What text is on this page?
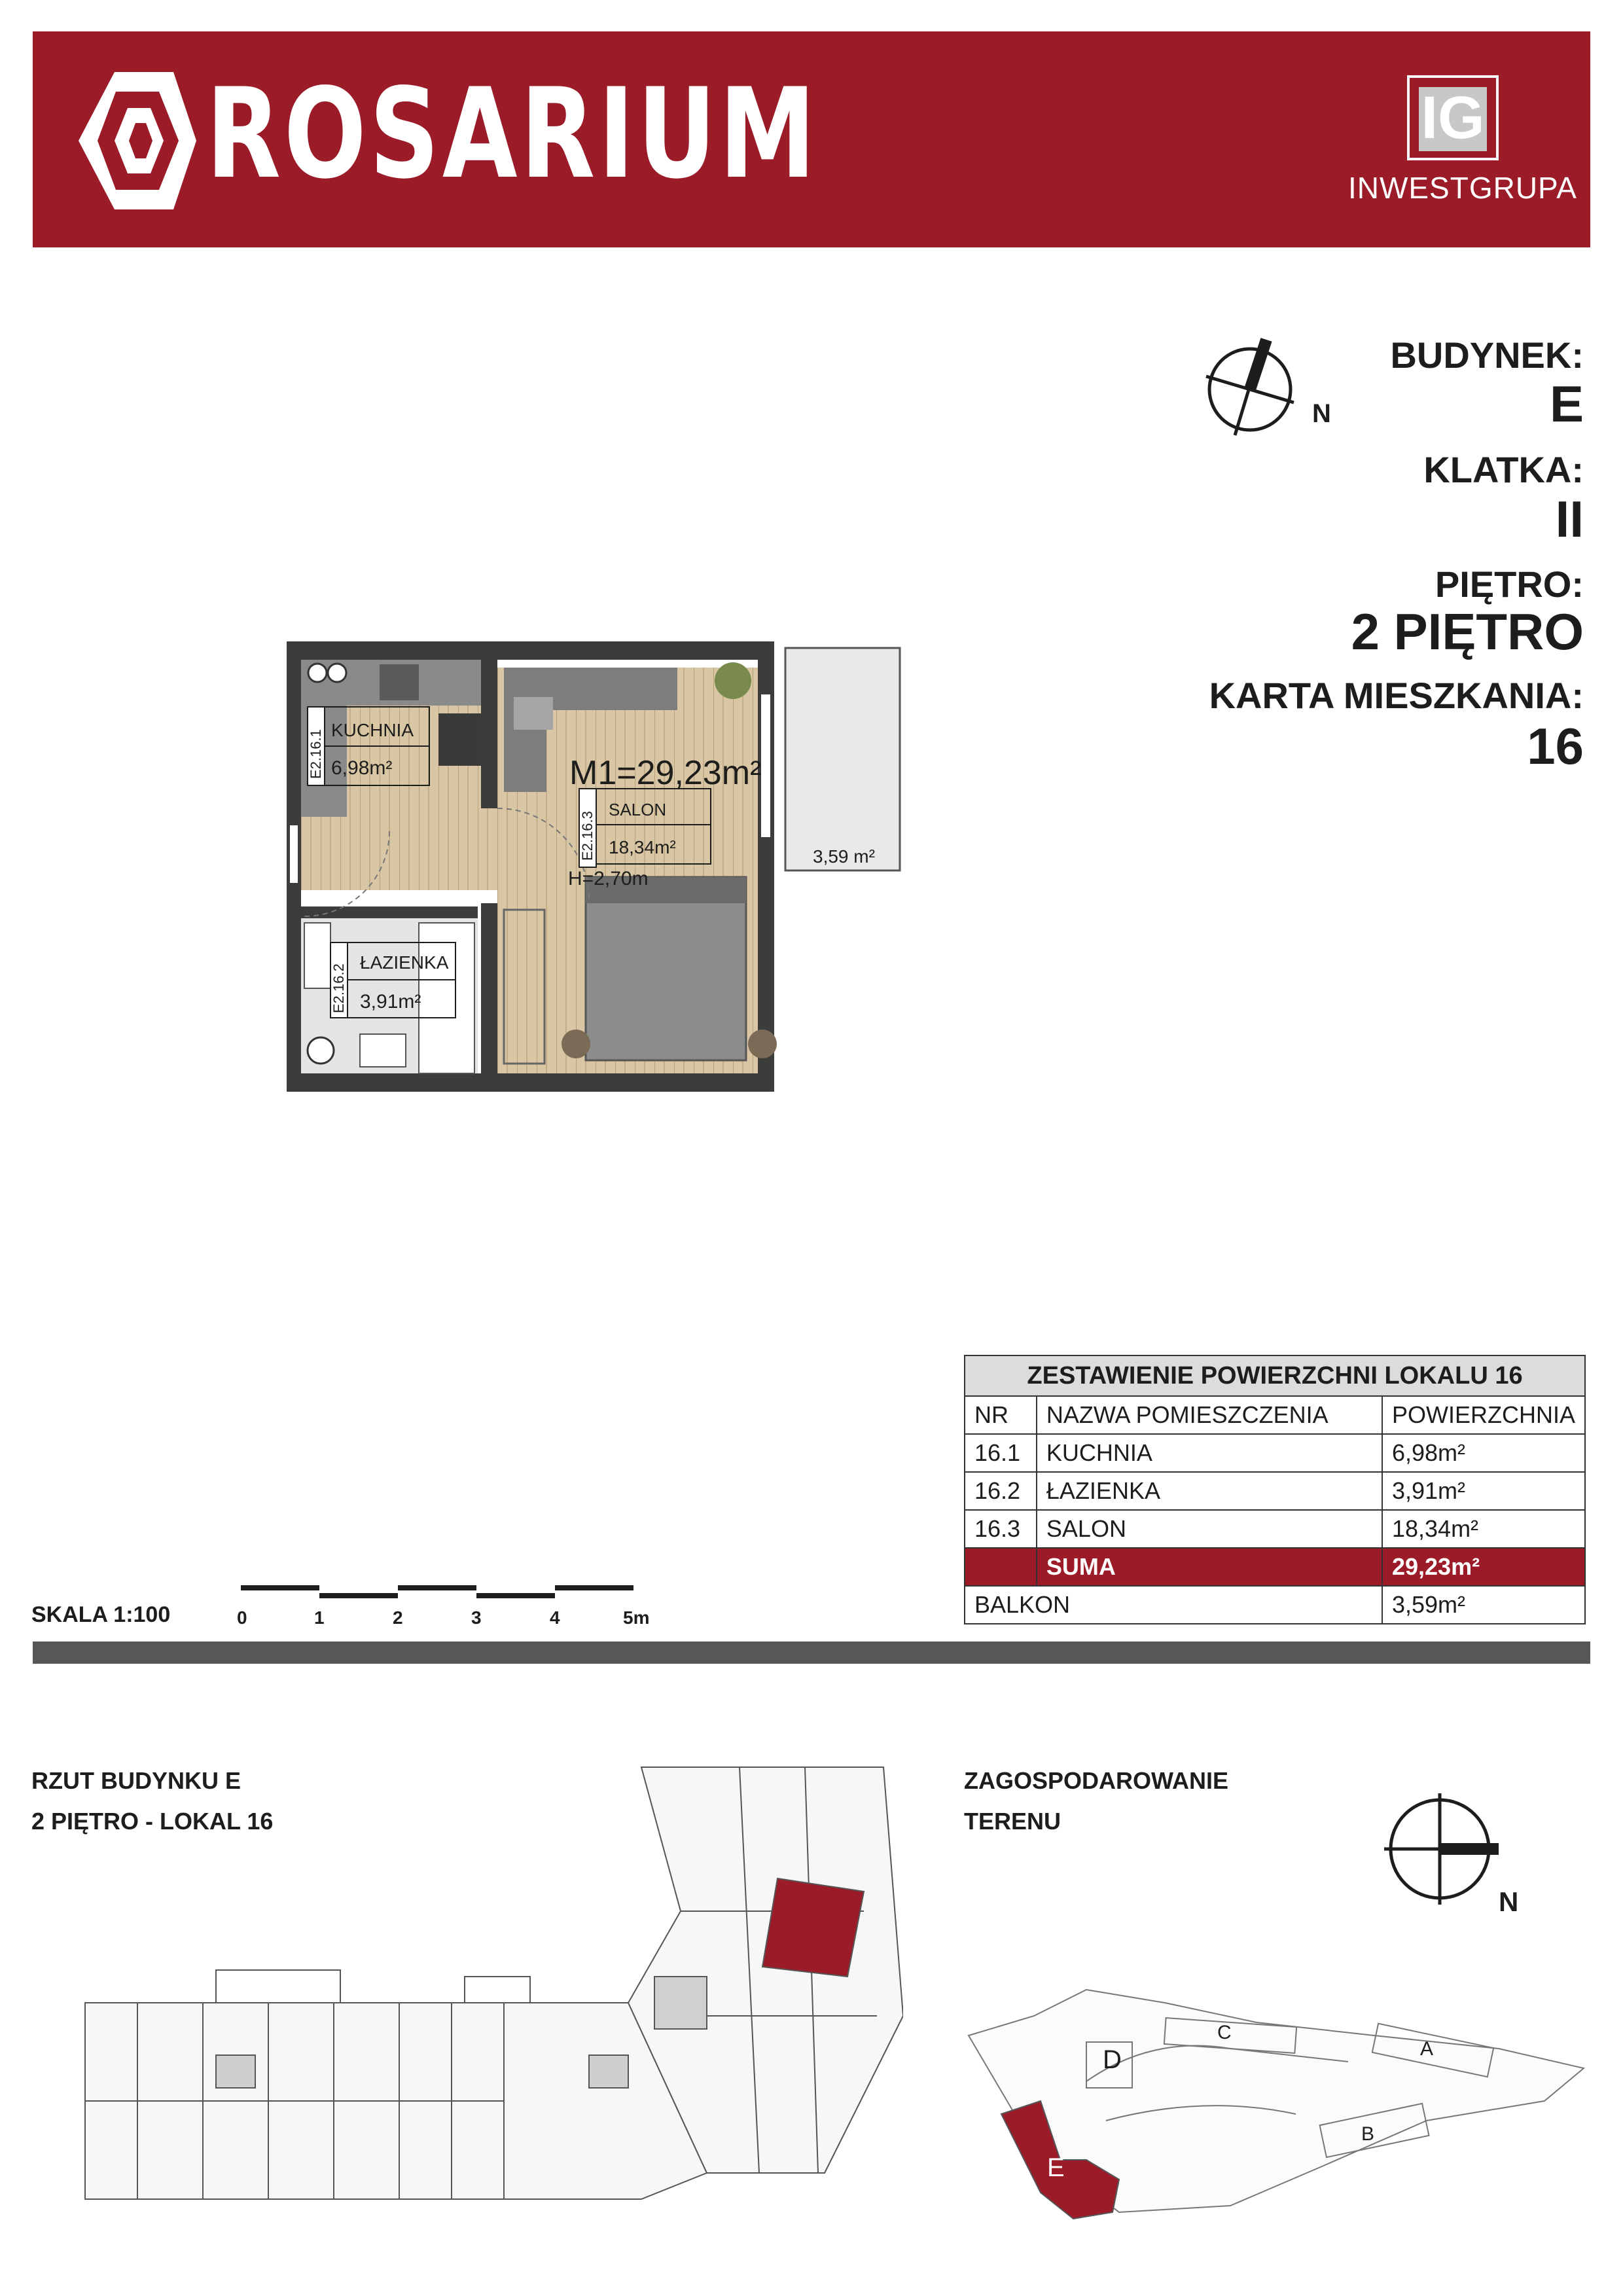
ROSARIUM	IG
INWESTGRUPA
N
BUDYNEK:
E
KLATKA:
II
PIĘTRO:
2 PIĘTRO
KARTA MIESZKANIA:
16
E2.16.1 KUCHNIA
6,98m²
E2.16.3
SALON
18,34m²
H=2,70m
M1=29,23m²
E2.16.2
ŁAZIENKA
3,91m²
3,59 m²
ZESTAWIENIE POWIERZCHNI LOKALU 16		
NR	NAZWA POMIESZCZENIA	POWIERZCHNIA
16.1	KUCHNIA	6,98m²
16.2	ŁAZIENKA	3,91m²
16.3	SALON	18,34m²
	SUMA	29,23m²
BALKON		3,59m²
SKALA 1:100	0	1	2	3	4	5m
RZUT BUDYNKU E
2 PIĘTRO - LOKAL 16
ZAGOSPODAROWANIE
TERENU
N
A
B
C
D
E
